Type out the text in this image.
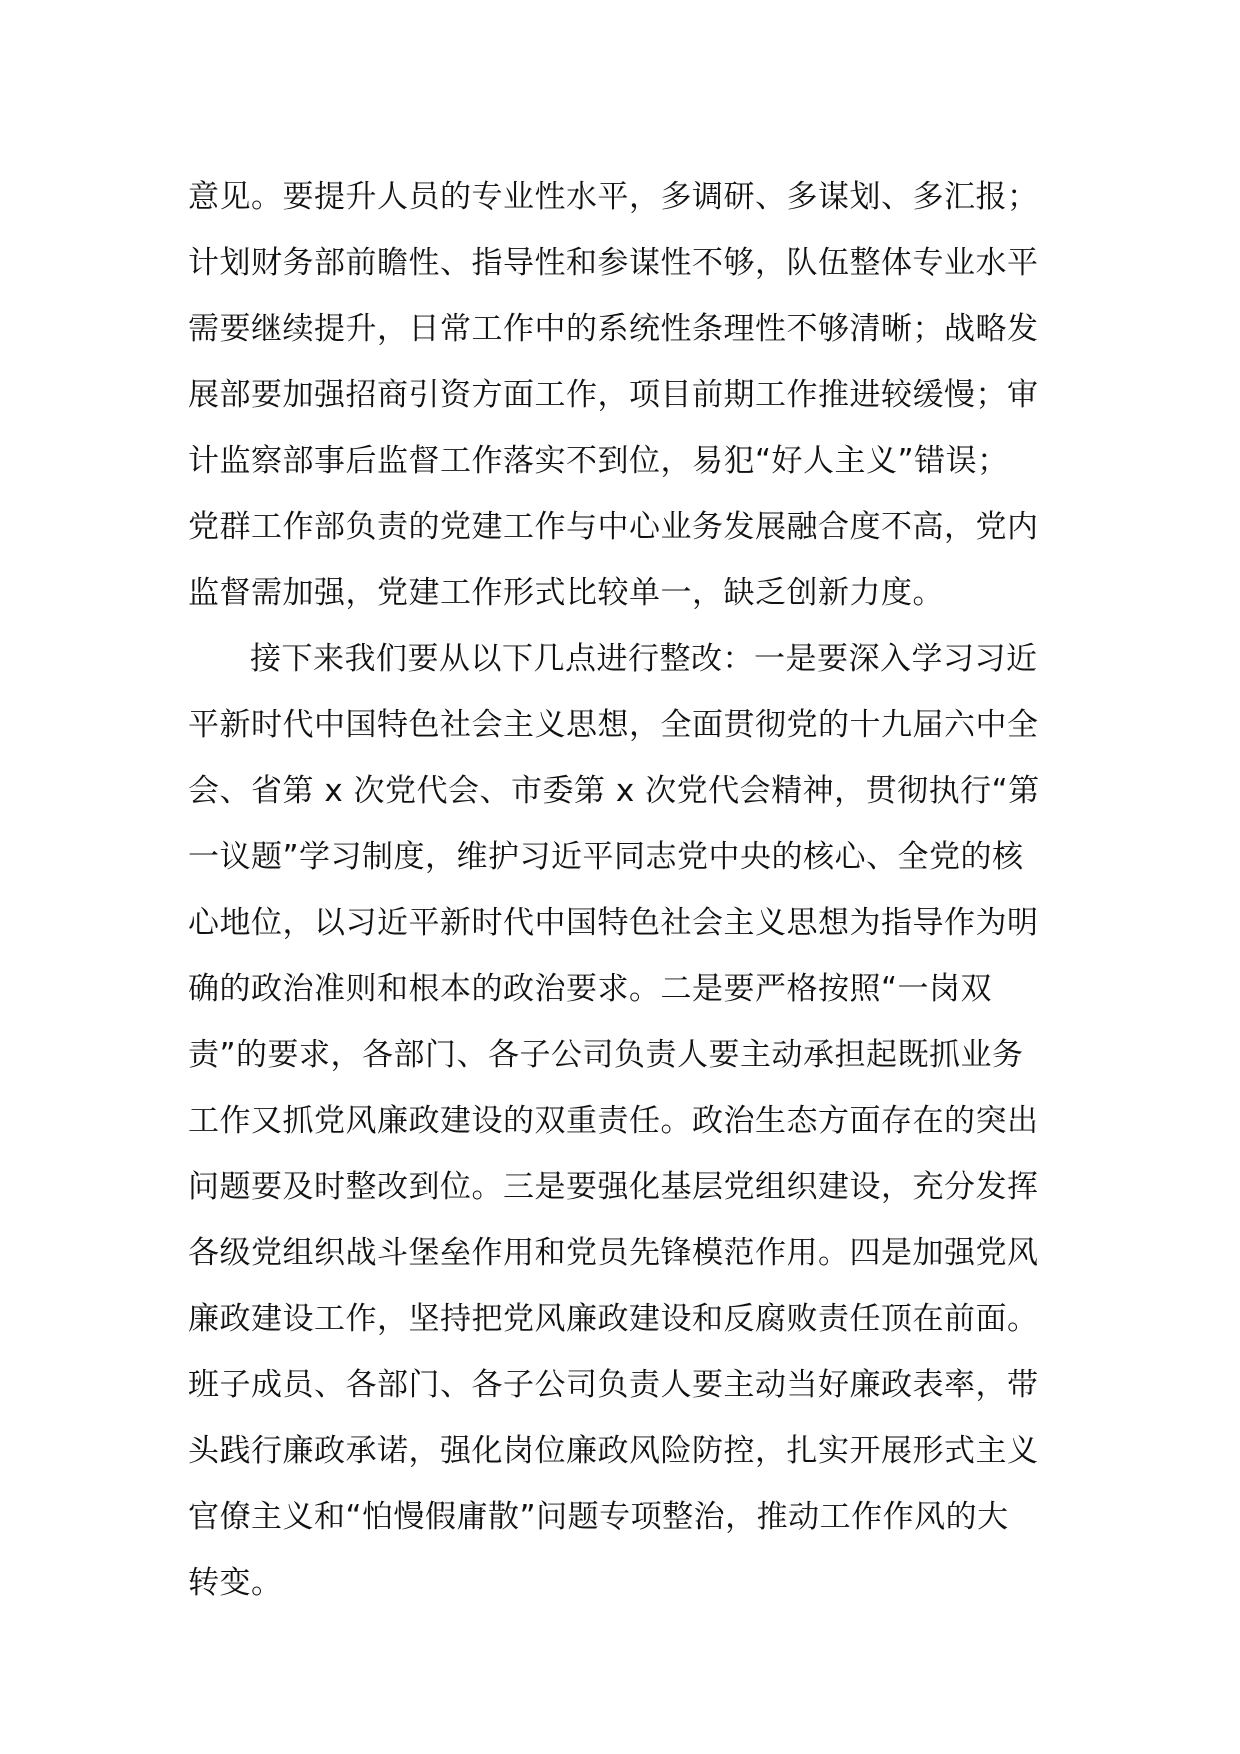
意见。要提升人员的专业性水平，多调研、多谋划、多汇报；
计划财务部前瞻性、指导性和参谋性不够，队伍整体专业水平
需要继续提升，日常工作中的系统性条理性不够清晰；战略发
展部要加强招商引资方面工作，项目前期工作推进较缓慢；审
计监察部事后监督工作落实不到位，易犯“好人主义”错误；
党群工作部负责的党建工作与中心业务发展融合度不高，党内
监督需加强，党建工作形式比较单一，缺乏创新力度。
接下来我们要从以下几点进行整改：一是要深入学习习近
平新时代中国特色社会主义思想，全面贯彻党的十九届六中全
会、省第 x 次党代会、市委第 x 次党代会精神，贯彻执行“第
一议题”学习制度，维护习近平同志党中央的核心、全党的核
心地位，以习近平新时代中国特色社会主义思想为指导作为明
确的政治准则和根本的政治要求。二是要严格按照“一岗双
责”的要求，各部门、各子公司负责人要主动承担起既抓业务
工作又抓党风廉政建设的双重责任。政治生态方面存在的突出
问题要及时整改到位。三是要强化基层党组织建设，充分发挥
各级党组织战斗堡垒作用和党员先锋模范作用。四是加强党风
廉政建设工作，坚持把党风廉政建设和反腐败责任顶在前面。
班子成员、各部门、各子公司负责人要主动当好廉政表率，带
头践行廉政承诺，强化岗位廉政风险防控，扎实开展形式主义
官僚主义和“怕慢假庸散”问题专项整治，推动工作作风的大
转变。
